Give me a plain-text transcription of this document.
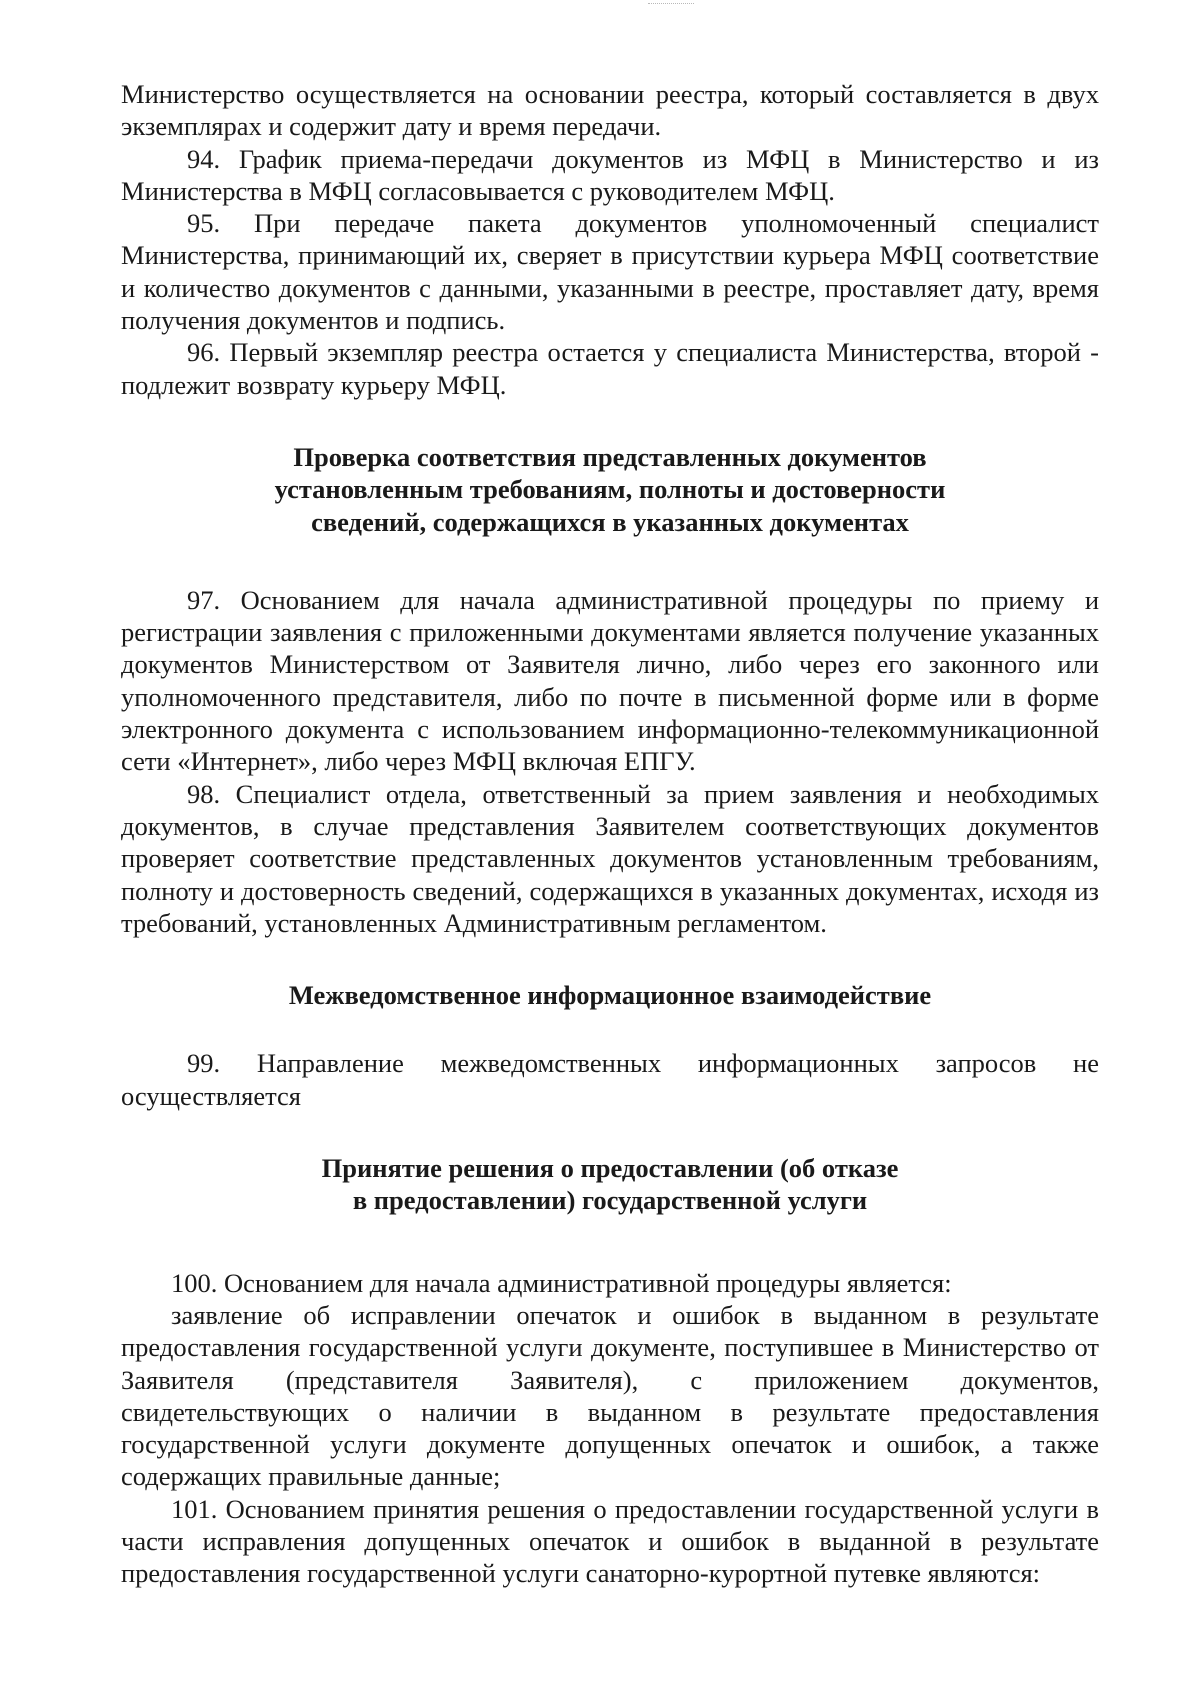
Министерство осуществляется на основании реестра, который составляется в двух экземплярах и содержит дату и время передачи.

94. График приема-передачи документов из МФЦ в Министерство и из Министерства в МФЦ согласовывается с руководителем МФЦ.

95. При передаче пакета документов уполномоченный специалист Министерства, принимающий их, сверяет в присутствии курьера МФЦ соответствие и количество документов с данными, указанными в реестре, проставляет дату, время получения документов и подпись.

96. Первый экземпляр реестра остается у специалиста Министерства, второй - подлежит возврату курьеру МФЦ.

Проверка соответствия представленных документов
установленным требованиям, полноты и достоверности
сведений, содержащихся в указанных документах

97. Основанием для начала административной процедуры по приему и регистрации заявления с приложенными документами является получение указанных документов Министерством от Заявителя лично, либо через его законного или уполномоченного представителя, либо по почте в письменной форме или в форме электронного документа с использованием информационно-телекоммуникационной сети «Интернет», либо через МФЦ включая ЕПГУ.

98. Специалист отдела, ответственный за прием заявления и необходимых документов, в случае представления Заявителем соответствующих документов проверяет соответствие представленных документов установленным требованиям, полноту и достоверность сведений, содержащихся в указанных документах, исходя из требований, установленных Административным регламентом.

Межведомственное информационное взаимодействие

99. Направление межведомственных информационных запросов не осуществляется

Принятие решения о предоставлении (об отказе
в предоставлении) государственной услуги

100. Основанием для начала административной процедуры является:

заявление об исправлении опечаток и ошибок в выданном в результате предоставления государственной услуги документе, поступившее в Министерство от Заявителя (представителя Заявителя), с приложением документов, свидетельствующих о наличии в выданном в результате предоставления государственной услуги документе допущенных опечаток и ошибок, а также содержащих правильные данные;

101. Основанием принятия решения о предоставлении государственной услуги в части исправления допущенных опечаток и ошибок в выданной в результате предоставления государственной услуги санаторно-курортной путевке являются:
